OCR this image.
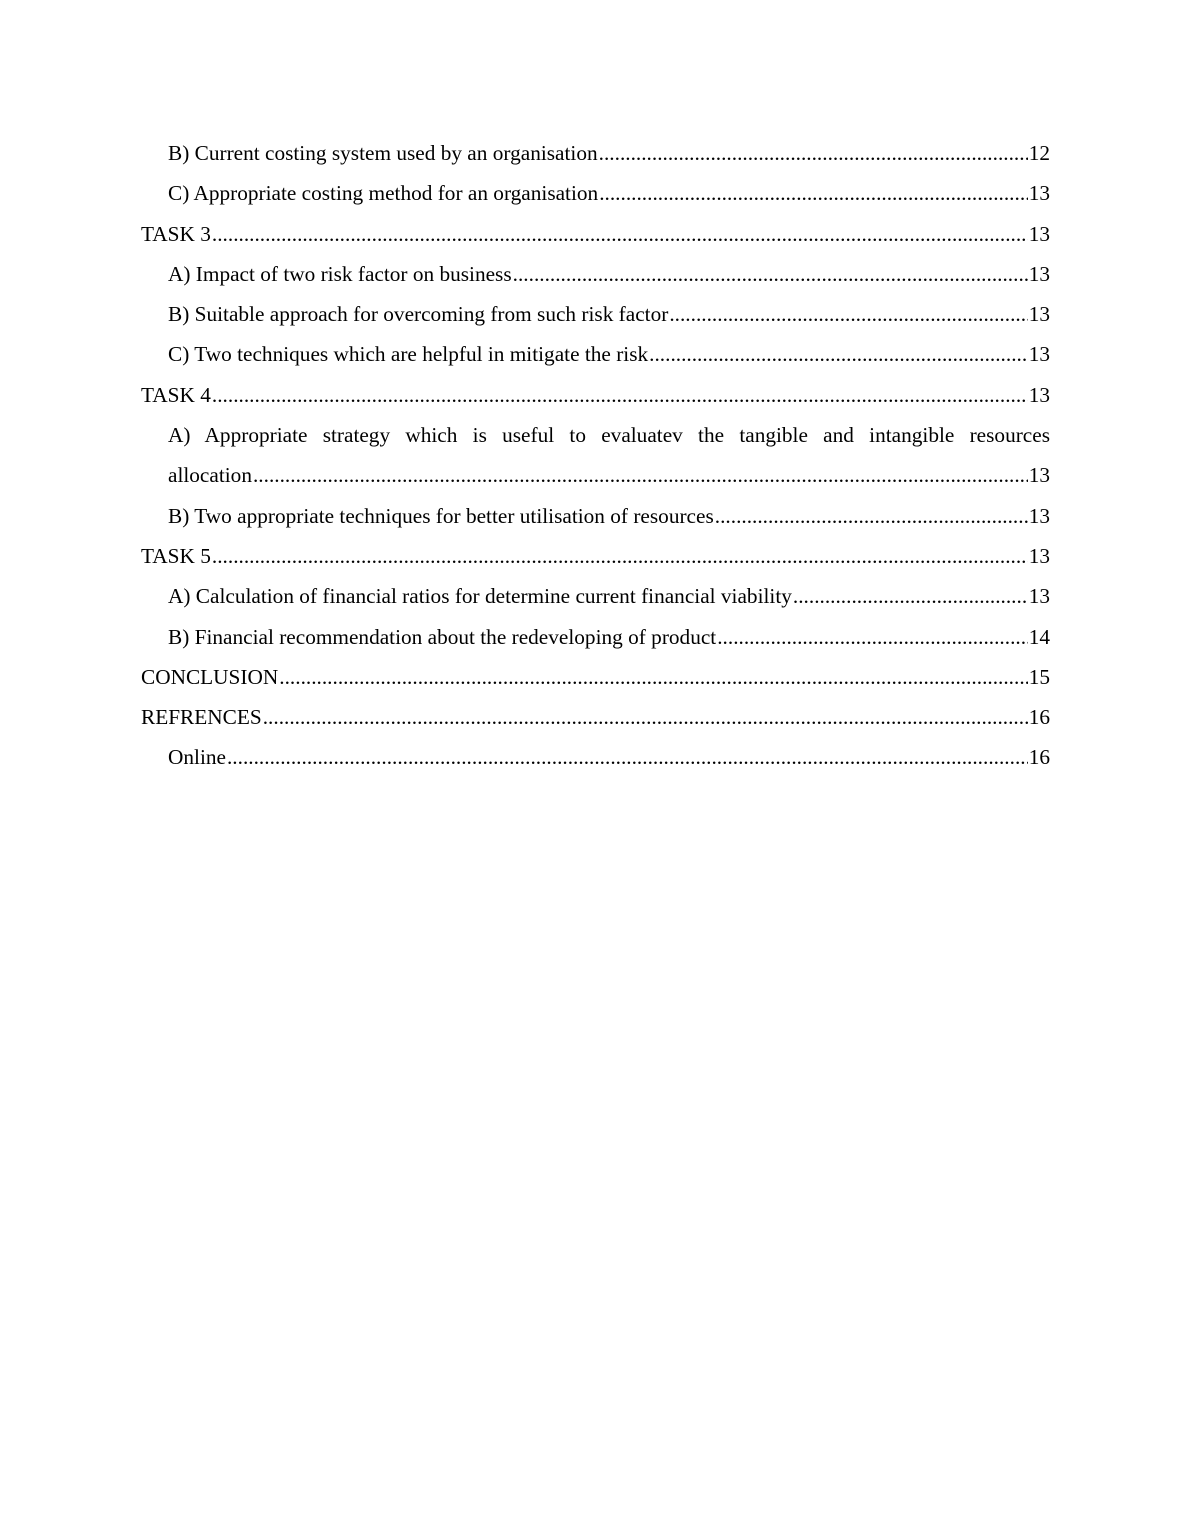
B) Current costing system used by an organisation .....	12
C) Appropriate costing method for an organisation .....	13
TASK 3 .....	13
A) Impact of two risk factor on business .....	13
B) Suitable approach for overcoming from such risk factor .....	13
C) Two techniques which are helpful in mitigate the risk .....	13
TASK 4 .....	13
A) Appropriate strategy which is useful to evaluatev the tangible and intangible resources
allocation .....	13
B) Two appropriate techniques for better utilisation of resources .....	13
TASK 5 .....	13
A) Calculation of financial ratios for determine current financial viability .....	13
B) Financial recommendation about the redeveloping of product .....	14
CONCLUSION .....	15
REFRENCES .....	16
Online .....	16
